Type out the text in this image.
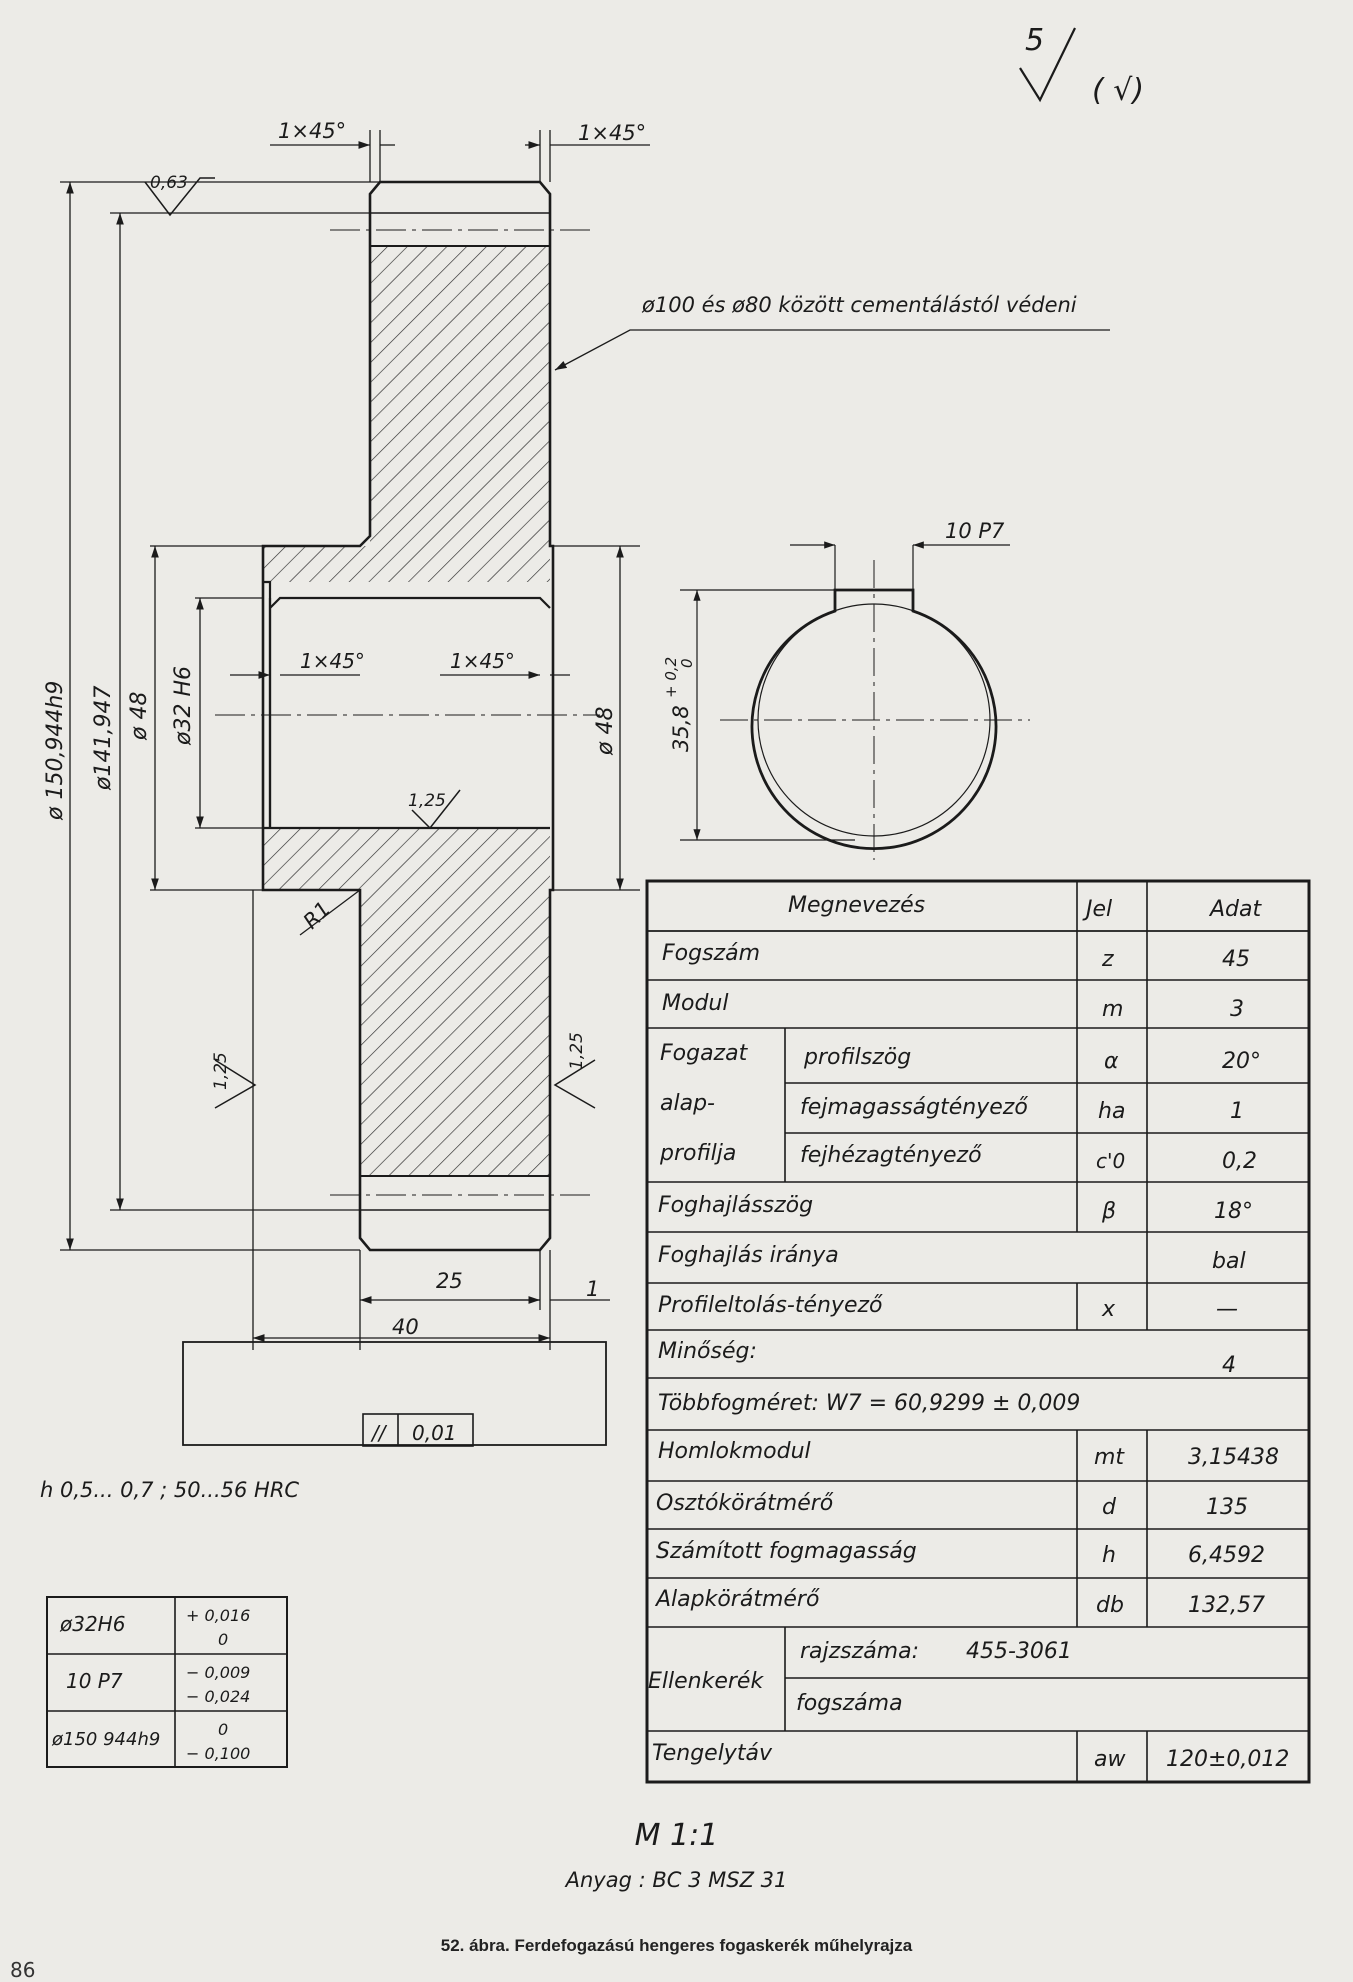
5
( √)
1×45°	1×45°
0,63
1×45°	1×45°
1,25
ø 150,944h9 ø141,947 ø 48 ø32 H6	ø 48
R1
1,25
1,25
10 P7
35,8
+ 0,2
0
25	1
40
// 0,01
ø100 és ø80 között cementálástól védeni
h 0,5... 0,7 ; 50...56 HRC
ø32H6	+ 0,016
0
10 P7	− 0,009
− 0,024
ø150 944h9	0
− 0,100
Megnevezés	Jel	Adat
Fogszám	z	45
Modul	m	3
Fogazat
alap-
profilja
profilszög	α	20°
fejmagasságtényező	ha	1
fejhézagtényező	c'0	0,2
Foghajlásszög	β	18°
Foghajlás iránya	bal
Profileltolás-tényező	x	—
Minőség:
4
Többfogméret: W7 = 60,9299 ± 0,009
Homlokmodul	mt	3,15438
Osztókörátmérő	d	135
Számított fogmagasság	h	6,4592
Alapkörátmérő	db	132,57
Ellenkerék
rajzszáma: 455-3061
fogszáma
Tengelytáv	aw 120±0,012
M 1:1
Anyag : BC 3 MSZ 31
52. ábra. Ferdefogazású hengeres fogaskerék műhelyrajza
86
